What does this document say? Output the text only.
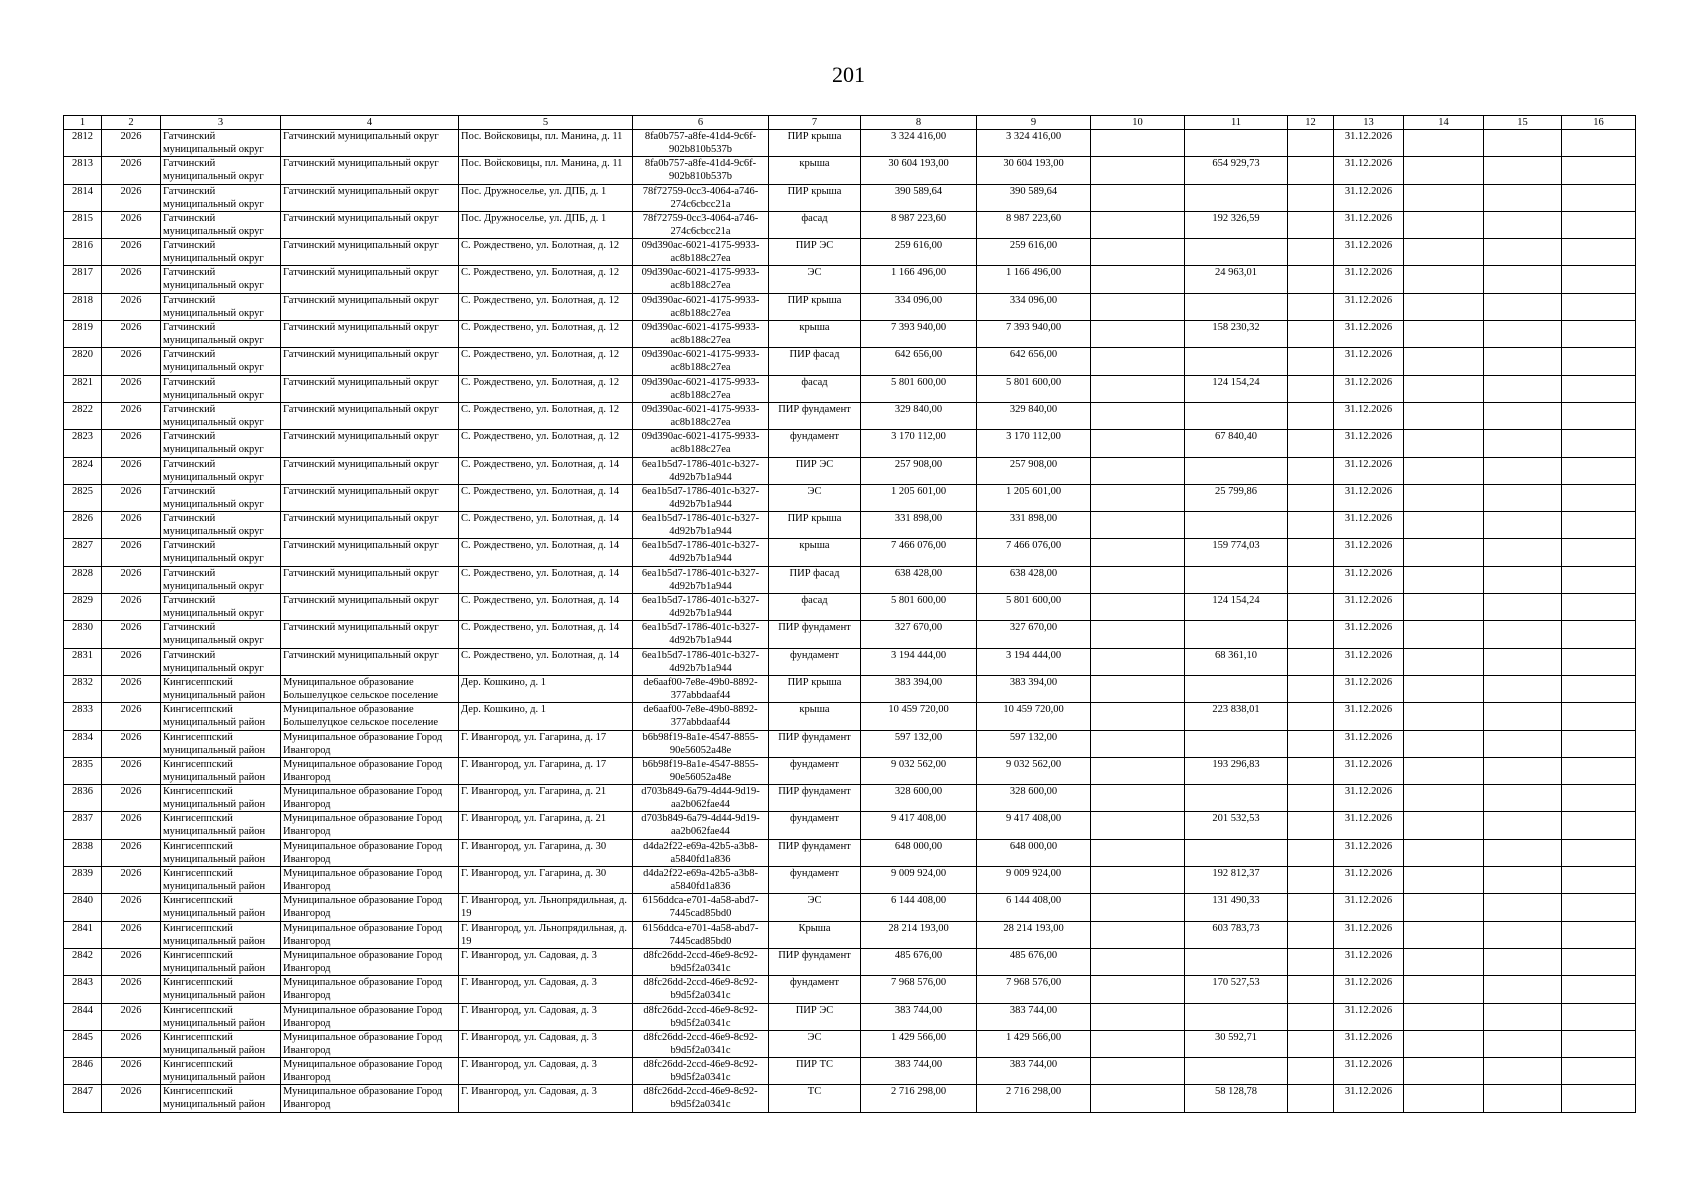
201
1	2	3	4	5	6	7	8	9	10	11	12	13	14	15	16
2812	2026	Гатчинский муниципальный округ	Гатчинский муниципальный округ	Пос. Войсковицы, пл. Манина, д. 11	8fa0b757-a8fe-41d4-9c6f-902b810b537b	ПИР крыша	3 324 416,00	3 324 416,00				31.12.2026			
2813	2026	Гатчинский муниципальный округ	Гатчинский муниципальный округ	Пос. Войсковицы, пл. Манина, д. 11	8fa0b757-a8fe-41d4-9c6f-902b810b537b	крыша	30 604 193,00	30 604 193,00		654 929,73		31.12.2026			
2814	2026	Гатчинский муниципальный округ	Гатчинский муниципальный округ	Пос. Дружноселье, ул. ДПБ, д. 1	78f72759-0cc3-4064-a746-274c6cbcc21a	ПИР крыша	390 589,64	390 589,64				31.12.2026			
2815	2026	Гатчинский муниципальный округ	Гатчинский муниципальный округ	Пос. Дружноселье, ул. ДПБ, д. 1	78f72759-0cc3-4064-a746-274c6cbcc21a	фасад	8 987 223,60	8 987 223,60		192 326,59		31.12.2026			
2816	2026	Гатчинский муниципальный округ	Гатчинский муниципальный округ	С. Рождествено, ул. Болотная, д. 12	09d390ac-6021-4175-9933-ac8b188c27ea	ПИР ЭС	259 616,00	259 616,00				31.12.2026			
2817	2026	Гатчинский муниципальный округ	Гатчинский муниципальный округ	С. Рождествено, ул. Болотная, д. 12	09d390ac-6021-4175-9933-ac8b188c27ea	ЭС	1 166 496,00	1 166 496,00		24 963,01		31.12.2026			
2818	2026	Гатчинский муниципальный округ	Гатчинский муниципальный округ	С. Рождествено, ул. Болотная, д. 12	09d390ac-6021-4175-9933-ac8b188c27ea	ПИР крыша	334 096,00	334 096,00				31.12.2026			
2819	2026	Гатчинский муниципальный округ	Гатчинский муниципальный округ	С. Рождествено, ул. Болотная, д. 12	09d390ac-6021-4175-9933-ac8b188c27ea	крыша	7 393 940,00	7 393 940,00		158 230,32		31.12.2026			
2820	2026	Гатчинский муниципальный округ	Гатчинский муниципальный округ	С. Рождествено, ул. Болотная, д. 12	09d390ac-6021-4175-9933-ac8b188c27ea	ПИР фасад	642 656,00	642 656,00				31.12.2026			
2821	2026	Гатчинский муниципальный округ	Гатчинский муниципальный округ	С. Рождествено, ул. Болотная, д. 12	09d390ac-6021-4175-9933-ac8b188c27ea	фасад	5 801 600,00	5 801 600,00		124 154,24		31.12.2026			
2822	2026	Гатчинский муниципальный округ	Гатчинский муниципальный округ	С. Рождествено, ул. Болотная, д. 12	09d390ac-6021-4175-9933-ac8b188c27ea	ПИР фундамент	329 840,00	329 840,00				31.12.2026			
2823	2026	Гатчинский муниципальный округ	Гатчинский муниципальный округ	С. Рождествено, ул. Болотная, д. 12	09d390ac-6021-4175-9933-ac8b188c27ea	фундамент	3 170 112,00	3 170 112,00		67 840,40		31.12.2026			
2824	2026	Гатчинский муниципальный округ	Гатчинский муниципальный округ	С. Рождествено, ул. Болотная, д. 14	6ea1b5d7-1786-401c-b327-4d92b7b1a944	ПИР ЭС	257 908,00	257 908,00				31.12.2026			
2825	2026	Гатчинский муниципальный округ	Гатчинский муниципальный округ	С. Рождествено, ул. Болотная, д. 14	6ea1b5d7-1786-401c-b327-4d92b7b1a944	ЭС	1 205 601,00	1 205 601,00		25 799,86		31.12.2026			
2826	2026	Гатчинский муниципальный округ	Гатчинский муниципальный округ	С. Рождествено, ул. Болотная, д. 14	6ea1b5d7-1786-401c-b327-4d92b7b1a944	ПИР крыша	331 898,00	331 898,00				31.12.2026			
2827	2026	Гатчинский муниципальный округ	Гатчинский муниципальный округ	С. Рождествено, ул. Болотная, д. 14	6ea1b5d7-1786-401c-b327-4d92b7b1a944	крыша	7 466 076,00	7 466 076,00		159 774,03		31.12.2026			
2828	2026	Гатчинский муниципальный округ	Гатчинский муниципальный округ	С. Рождествено, ул. Болотная, д. 14	6ea1b5d7-1786-401c-b327-4d92b7b1a944	ПИР фасад	638 428,00	638 428,00				31.12.2026			
2829	2026	Гатчинский муниципальный округ	Гатчинский муниципальный округ	С. Рождествено, ул. Болотная, д. 14	6ea1b5d7-1786-401c-b327-4d92b7b1a944	фасад	5 801 600,00	5 801 600,00		124 154,24		31.12.2026			
2830	2026	Гатчинский муниципальный округ	Гатчинский муниципальный округ	С. Рождествено, ул. Болотная, д. 14	6ea1b5d7-1786-401c-b327-4d92b7b1a944	ПИР фундамент	327 670,00	327 670,00				31.12.2026			
2831	2026	Гатчинский муниципальный округ	Гатчинский муниципальный округ	С. Рождествено, ул. Болотная, д. 14	6ea1b5d7-1786-401c-b327-4d92b7b1a944	фундамент	3 194 444,00	3 194 444,00		68 361,10		31.12.2026			
2832	2026	Кингисеппский муниципальный район	Муниципальное образование Большелуцкое сельское поселение	Дер. Кошкино, д. 1	de6aaf00-7e8e-49b0-8892-377abbdaaf44	ПИР крыша	383 394,00	383 394,00				31.12.2026			
2833	2026	Кингисеппский муниципальный район	Муниципальное образование Большелуцкое сельское поселение	Дер. Кошкино, д. 1	de6aaf00-7e8e-49b0-8892-377abbdaaf44	крыша	10 459 720,00	10 459 720,00		223 838,01		31.12.2026			
2834	2026	Кингисеппский муниципальный район	Муниципальное образование Город Ивангород	Г. Ивангород, ул. Гагарина, д. 17	b6b98f19-8a1e-4547-8855-90e56052a48e	ПИР фундамент	597 132,00	597 132,00				31.12.2026			
2835	2026	Кингисеппский муниципальный район	Муниципальное образование Город Ивангород	Г. Ивангород, ул. Гагарина, д. 17	b6b98f19-8a1e-4547-8855-90e56052a48e	фундамент	9 032 562,00	9 032 562,00		193 296,83		31.12.2026			
2836	2026	Кингисеппский муниципальный район	Муниципальное образование Город Ивангород	Г. Ивангород, ул. Гагарина, д. 21	d703b849-6a79-4d44-9d19-aa2b062fae44	ПИР фундамент	328 600,00	328 600,00				31.12.2026			
2837	2026	Кингисеппский муниципальный район	Муниципальное образование Город Ивангород	Г. Ивангород, ул. Гагарина, д. 21	d703b849-6a79-4d44-9d19-aa2b062fae44	фундамент	9 417 408,00	9 417 408,00		201 532,53		31.12.2026			
2838	2026	Кингисеппский муниципальный район	Муниципальное образование Город Ивангород	Г. Ивангород, ул. Гагарина, д. 30	d4da2f22-e69a-42b5-a3b8-a5840fd1a836	ПИР фундамент	648 000,00	648 000,00				31.12.2026			
2839	2026	Кингисеппский муниципальный район	Муниципальное образование Город Ивангород	Г. Ивангород, ул. Гагарина, д. 30	d4da2f22-e69a-42b5-a3b8-a5840fd1a836	фундамент	9 009 924,00	9 009 924,00		192 812,37		31.12.2026			
2840	2026	Кингисеппский муниципальный район	Муниципальное образование Город Ивангород	Г. Ивангород, ул. Льнопрядильная, д. 19	6156ddca-e701-4a58-abd7-7445cad85bd0	ЭС	6 144 408,00	6 144 408,00		131 490,33		31.12.2026			
2841	2026	Кингисеппский муниципальный район	Муниципальное образование Город Ивангород	Г. Ивангород, ул. Льнопрядильная, д. 19	6156ddca-e701-4a58-abd7-7445cad85bd0	Крыша	28 214 193,00	28 214 193,00		603 783,73		31.12.2026			
2842	2026	Кингисеппский муниципальный район	Муниципальное образование Город Ивангород	Г. Ивангород, ул. Садовая, д. 3	d8fc26dd-2ccd-46e9-8c92-b9d5f2a0341c	ПИР фундамент	485 676,00	485 676,00				31.12.2026			
2843	2026	Кингисеппский муниципальный район	Муниципальное образование Город Ивангород	Г. Ивангород, ул. Садовая, д. 3	d8fc26dd-2ccd-46e9-8c92-b9d5f2a0341c	фундамент	7 968 576,00	7 968 576,00		170 527,53		31.12.2026			
2844	2026	Кингисеппский муниципальный район	Муниципальное образование Город Ивангород	Г. Ивангород, ул. Садовая, д. 3	d8fc26dd-2ccd-46e9-8c92-b9d5f2a0341c	ПИР ЭС	383 744,00	383 744,00				31.12.2026			
2845	2026	Кингисеппский муниципальный район	Муниципальное образование Город Ивангород	Г. Ивангород, ул. Садовая, д. 3	d8fc26dd-2ccd-46e9-8c92-b9d5f2a0341c	ЭС	1 429 566,00	1 429 566,00		30 592,71		31.12.2026			
2846	2026	Кингисеппский муниципальный район	Муниципальное образование Город Ивангород	Г. Ивангород, ул. Садовая, д. 3	d8fc26dd-2ccd-46e9-8c92-b9d5f2a0341c	ПИР ТС	383 744,00	383 744,00				31.12.2026			
2847	2026	Кингисеппский муниципальный район	Муниципальное образование Город Ивангород	Г. Ивангород, ул. Садовая, д. 3	d8fc26dd-2ccd-46e9-8c92-b9d5f2a0341c	ТС	2 716 298,00	2 716 298,00		58 128,78		31.12.2026			
